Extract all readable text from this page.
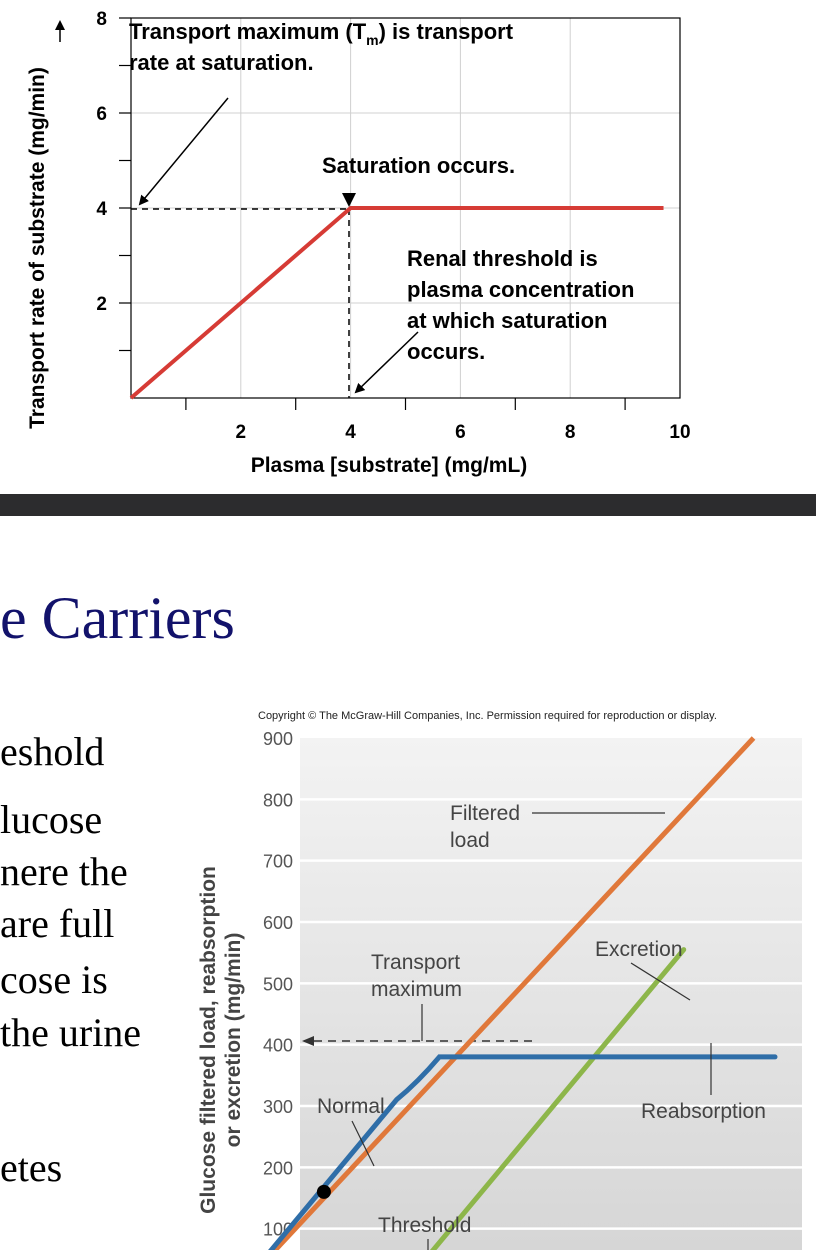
2	4	6	8	10
2
4
6
8 Transport maximum $(T_m)$ is transport
rate at saturation.
Saturation occurs.
Renal threshold is
plasma concentration
at which saturation
occurs.
Plasma [substrate] (mg/mL)
Transport rate of substrate (mg/min)
e Carriers
eshold
lucose
nere the
are full
cose is
the urine
etes
Copyright © The McGraw-Hill Companies, Inc. Permission required for reproduction or display.
100
200
300
400
500
600
700
800
900
Filtered
load
Excretion
Transport
maximum
Normal	Reabsorption
Threshold
Glucose filtered load, reabsorption or excretion (mg/min)
